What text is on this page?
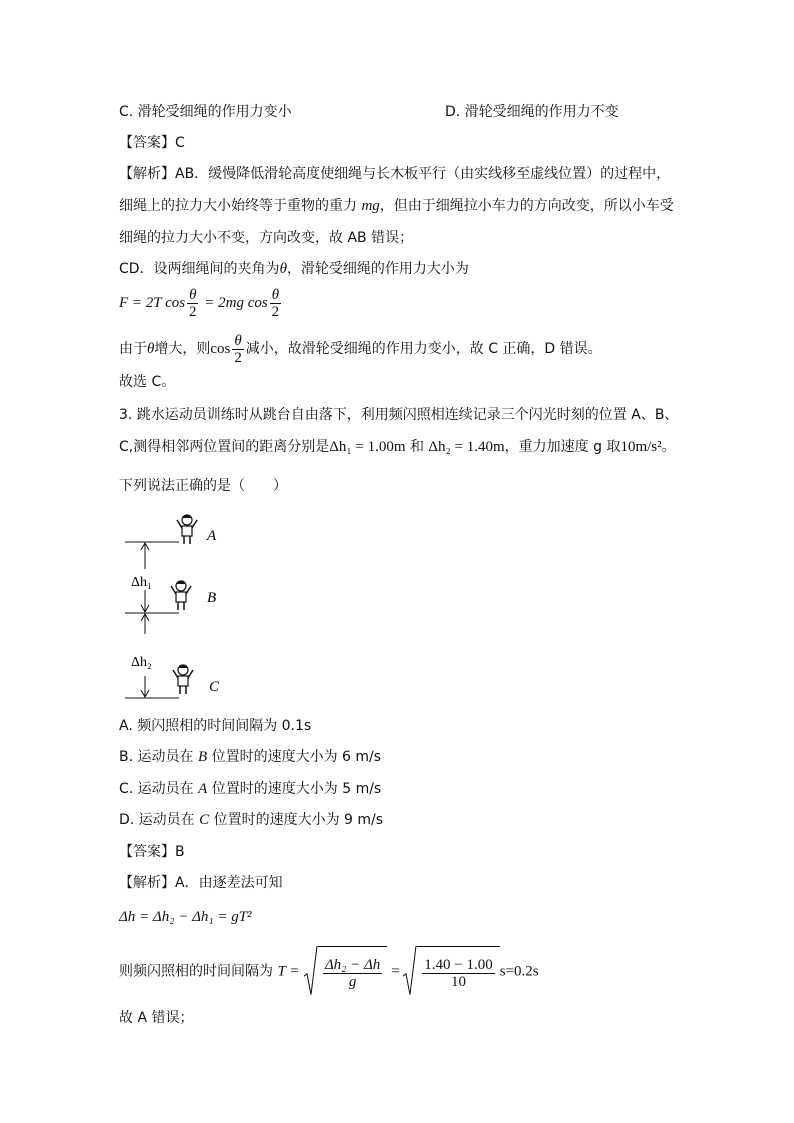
C. 滑轮受细绳的作用力变小	D. 滑轮受细绳的作用力不变
【答案】C
【解析】AB．缓慢降低滑轮高度使细绳与长木板平行（由实线移至虚线位置）的过程中，
细绳上的拉力大小始终等于重物的重力 mg，但由于细绳拉小车力的方向改变，所以小车受
细绳的拉力大小不变，方向改变，故 AB 错误；
CD．设两细绳间的夹角为θ，滑轮受细绳的作用力大小为
F = 2T $\cos \frac{\theta}{2} = 2mg$ $\cos \frac{\theta}{2}$
由于θ增大，则$\cos \frac{\theta}{2}$ 减小，故滑轮受细绳的作用力变小，故 C 正确，D 错误。
故选 C。
3. 跳水运动员训练时从跳台自由落下，利用频闪照相连续记录三个闪光时刻的位置 A、B、
C,测得相邻两位置间的距离分别是Δh₁ = 1.00m 和 Δh₂ = 1.40m，重力加速度 g 取10m/s²。
下列说法正确的是（　　）
Δh₁
Δh₂
A
B
C
A. 频闪照相的时间间隔为 0.1s
B. 运动员在 B 位置时的速度大小为 6 m/s
C. 运动员在 A 位置时的速度大小为 5 m/s
D. 运动员在 C 位置时的速度大小为 9 m/s
【答案】B
【解析】A．由逐差法可知
Δh = Δh₂ − Δh₁ = gT²
则频闪照相的时间间隔为 $T = \frac{\text{Δh₂ − Δh}}{g} = \frac{1.40 - 1.00}{10} s=0.2s$
故 A 错误；
